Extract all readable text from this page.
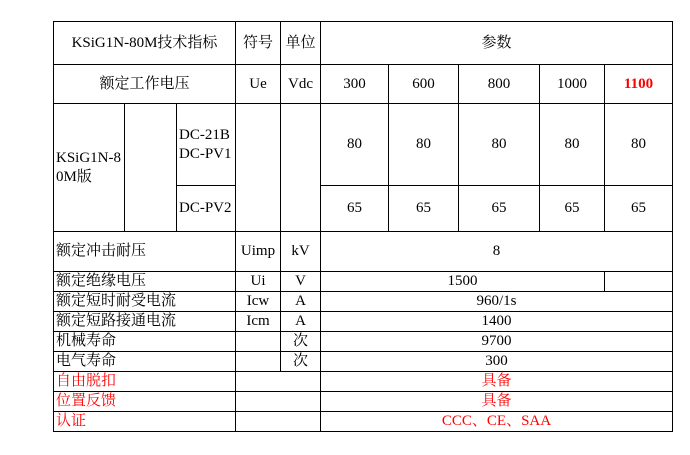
KSiG1N-80M技术指标			符号	单位	参数				
额定工作电压			Ue	Vdc	300	600	800	1000	1100
KSiG1N-80M版		DC-21B DC-PV1			80	80	80	80	80
		DC-PV2			65	65	65	65	65
额定冲击耐压			Uimp	kV	8				
额定绝缘电压			Ui	V	1500				
额定短时耐受电流			Icw	A	960/1s				
额定短路接通电流			Icm	A	1400				
机械寿命				次	9700				
电气寿命				次	300				
自由脱扣					具备				
位置反馈					具备				
认证					CCC、CE、SAA				
